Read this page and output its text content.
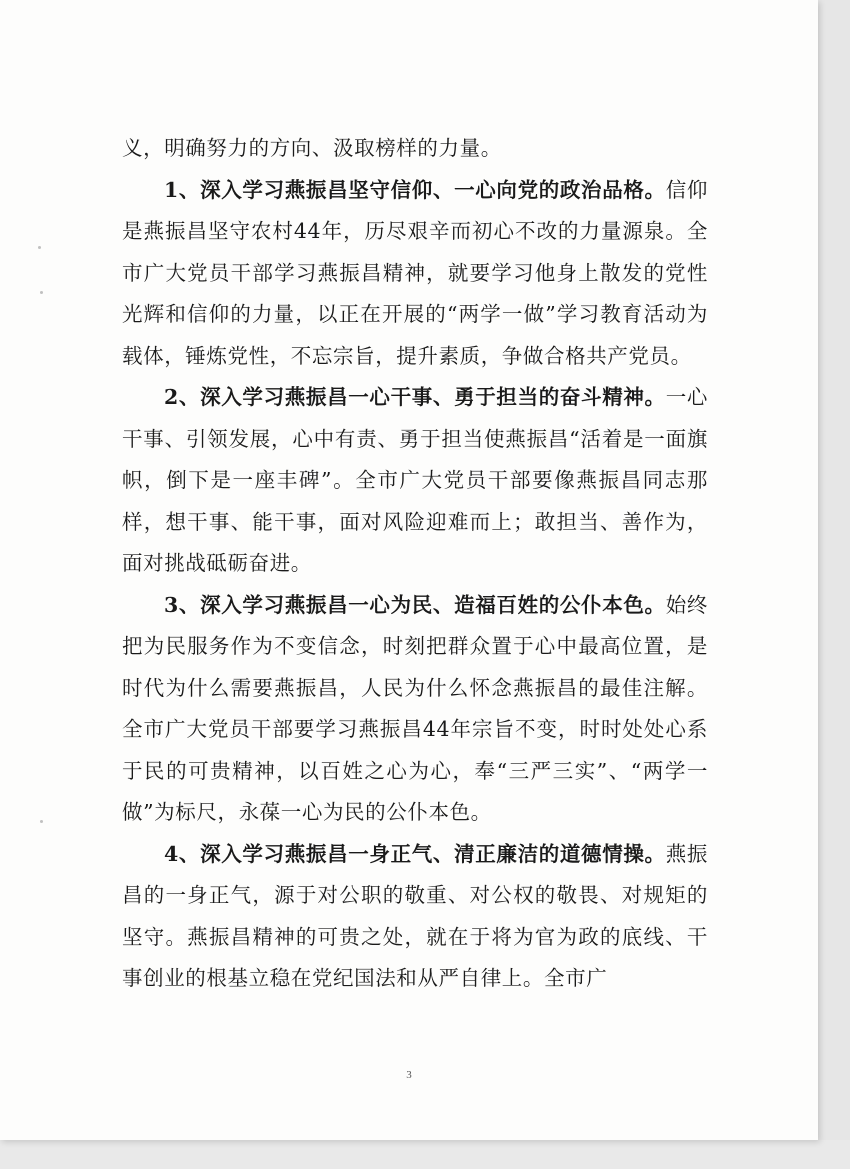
义，明确努力的方向、汲取榜样的力量。

1、深入学习燕振昌坚守信仰、一心向党的政治品格。信仰是燕振昌坚守农村44年，历尽艰辛而初心不改的力量源泉。全市广大党员干部学习燕振昌精神，就要学习他身上散发的党性光辉和信仰的力量，以正在开展的“两学一做”学习教育活动为载体，锤炼党性，不忘宗旨，提升素质，争做合格共产党员。

2、深入学习燕振昌一心干事、勇于担当的奋斗精神。一心干事、引领发展，心中有责、勇于担当使燕振昌“活着是一面旗帜，倒下是一座丰碑”。全市广大党员干部要像燕振昌同志那样，想干事、能干事，面对风险迎难而上；敢担当、善作为，面对挑战砥砺奋进。

3、深入学习燕振昌一心为民、造福百姓的公仆本色。始终把为民服务作为不变信念，时刻把群众置于心中最高位置，是时代为什么需要燕振昌，人民为什么怀念燕振昌的最佳注解。全市广大党员干部要学习燕振昌44年宗旨不变，时时处处心系于民的可贵精神，以百姓之心为心，奉“三严三实”、“两学一做”为标尺，永葆一心为民的公仆本色。

4、深入学习燕振昌一身正气、清正廉洁的道德情操。燕振昌的一身正气，源于对公职的敬重、对公权的敬畏、对规矩的坚守。燕振昌精神的可贵之处，就在于将为官为政的底线、干事创业的根基立稳在党纪国法和从严自律上。全市广

3
